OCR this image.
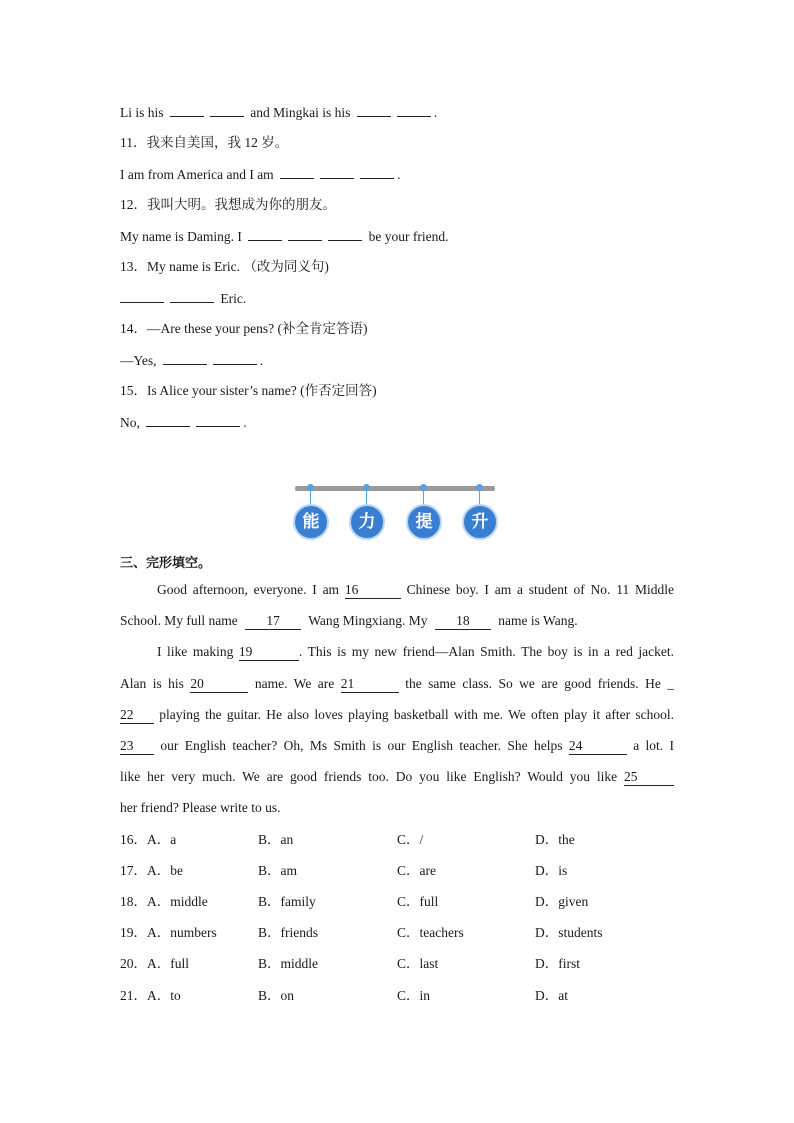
Li is his	and Mingkai is his	.
11．我来自美国，我 12 岁。
I am from America and I am	.
12．我叫大明。我想成为你的朋友。
My name is Daming. I	be your friend.
13．My name is Eric. （改为同义句)
Eric.
14．—Are these your pens? (补全肯定答语)
—Yes,	.
15．Is Alice your sister’s name? (作否定回答)
No,	.
能	力	提	升
三、完形填空。
Good afternoon, everyone. I am 16	Chinese boy. I am a student of No. 11 Middle
School. My full name 17 Wang Mingxiang. My 18 name is Wang.
I like making 19	. This is my new friend—Alan Smith. The boy is in a red jacket.
Alan is his 20	name. We are 21	the same class. So we are good friends. He _
22 playing the guitar. He also loves playing basketball with me. We often play it after school.
23 our English teacher? Oh, Ms Smith is our English teacher. She helps 24	a lot. I
like her very much. We are good friends too. Do you like English? Would you like 25
her friend? Please write to us.
16．A．a	B．an	C．/	D．the
17．A．be	B．am	C．are	D．is
18．A．middle	B．family	C．full	D．given
19．A．numbers	B．friends	C．teachers	D．students
20．A．full	B．middle	C．last	D．first
21．A．to	B．on	C．in	D．at
